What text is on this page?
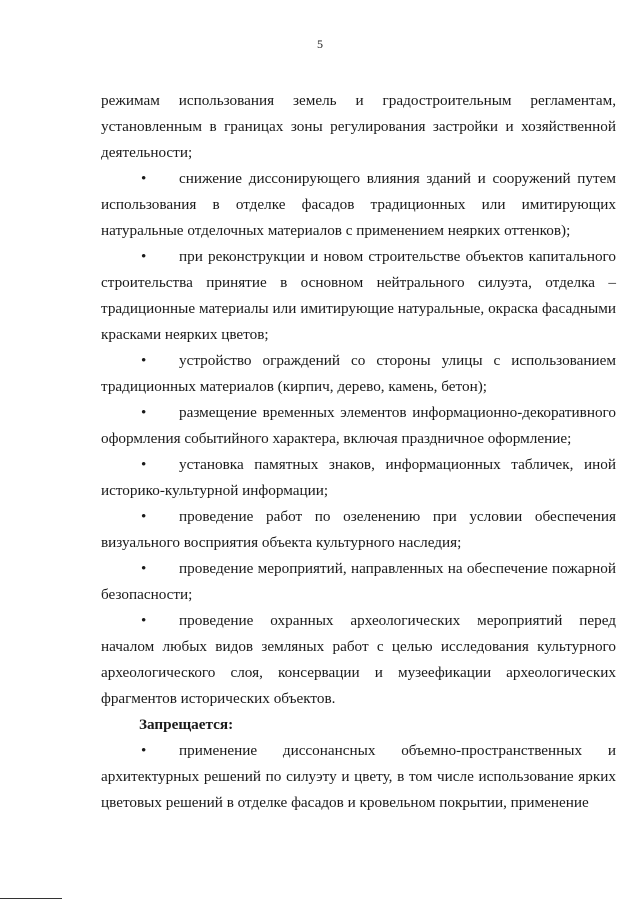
5

режимам использования земель и градостроительным регламентам, установленным в границах зоны регулирования застройки и хозяйственной деятельности;

• снижение диссонирующего влияния зданий и сооружений путем использования в отделке фасадов традиционных или имитирующих натуральные отделочных материалов с применением неярких оттенков);

• при реконструкции и новом строительстве объектов капитального строительства принятие в основном нейтрального силуэта, отделка – традиционные материалы или имитирующие натуральные, окраска фасадными красками неярких цветов;

• устройство ограждений со стороны улицы с использованием традиционных материалов (кирпич, дерево, камень, бетон);

• размещение временных элементов информационно-декоративного оформления событийного характера, включая праздничное оформление;

• установка памятных знаков, информационных табличек, иной историко-культурной информации;

• проведение работ по озеленению при условии обеспечения визуального восприятия объекта культурного наследия;

• проведение мероприятий, направленных на обеспечение пожарной безопасности;

• проведение охранных археологических мероприятий перед началом любых видов земляных работ с целью исследования культурного археологического слоя, консервации и музеефикации археологических фрагментов исторических объектов.

Запрещается:

• применение диссонансных объемно-пространственных и архитектурных решений по силуэту и цвету, в том числе использование ярких цветовых решений в отделке фасадов и кровельном покрытии, применение
